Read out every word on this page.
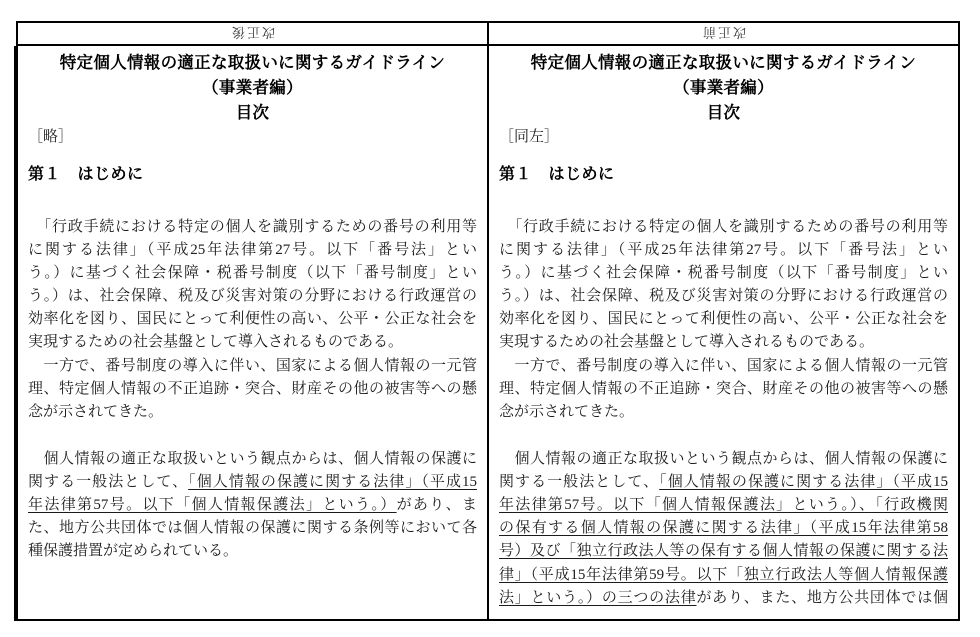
改正後	改正前
特定個人情報の適正な取扱いに関するガイドライン
（事業者編）
目次
［略］
第１　はじめに
　「行政手続における特定の個人を識別するための番号の利用等
に関する法律」（平成25年法律第27号。以下「番号法」とい
う。）に基づく社会保障・税番号制度（以下「番号制度」とい
う。）は、社会保障、税及び災害対策の分野における行政運営の
効率化を図り、国民にとって利便性の高い、公平・公正な社会を
実現するための社会基盤として導入されるものである。
　一方で、番号制度の導入に伴い、国家による個人情報の一元管
理、特定個人情報の不正追跡・突合、財産その他の被害等への懸
念が示されてきた。
　個人情報の適正な取扱いという観点からは、個人情報の保護に
関する一般法として、「個人情報の保護に関する法律」（平成15
年法律第57号。以下「個人情報保護法」という。）があり、ま
た、地方公共団体では個人情報の保護に関する条例等において各
種保護措置が定められている。
特定個人情報の適正な取扱いに関するガイドライン
（事業者編）
目次
［同左］
第１　はじめに
　「行政手続における特定の個人を識別するための番号の利用等
に関する法律」（平成25年法律第27号。以下「番号法」とい
う。）に基づく社会保障・税番号制度（以下「番号制度」とい
う。）は、社会保障、税及び災害対策の分野における行政運営の
効率化を図り、国民にとって利便性の高い、公平・公正な社会を
実現するための社会基盤として導入されるものである。
　一方で、番号制度の導入に伴い、国家による個人情報の一元管
理、特定個人情報の不正追跡・突合、財産その他の被害等への懸
念が示されてきた。
　個人情報の適正な取扱いという観点からは、個人情報の保護に
関する一般法として、「個人情報の保護に関する法律」（平成15
年法律第57号。以下「個人情報保護法」という。）、「行政機関
の保有する個人情報の保護に関する法律」（平成15年法律第58
号）及び「独立行政法人等の保有する個人情報の保護に関する法
律」（平成15年法律第59号。以下「独立行政法人等個人情報保護
法」という。）の三つの法律があり、また、地方公共団体では個
